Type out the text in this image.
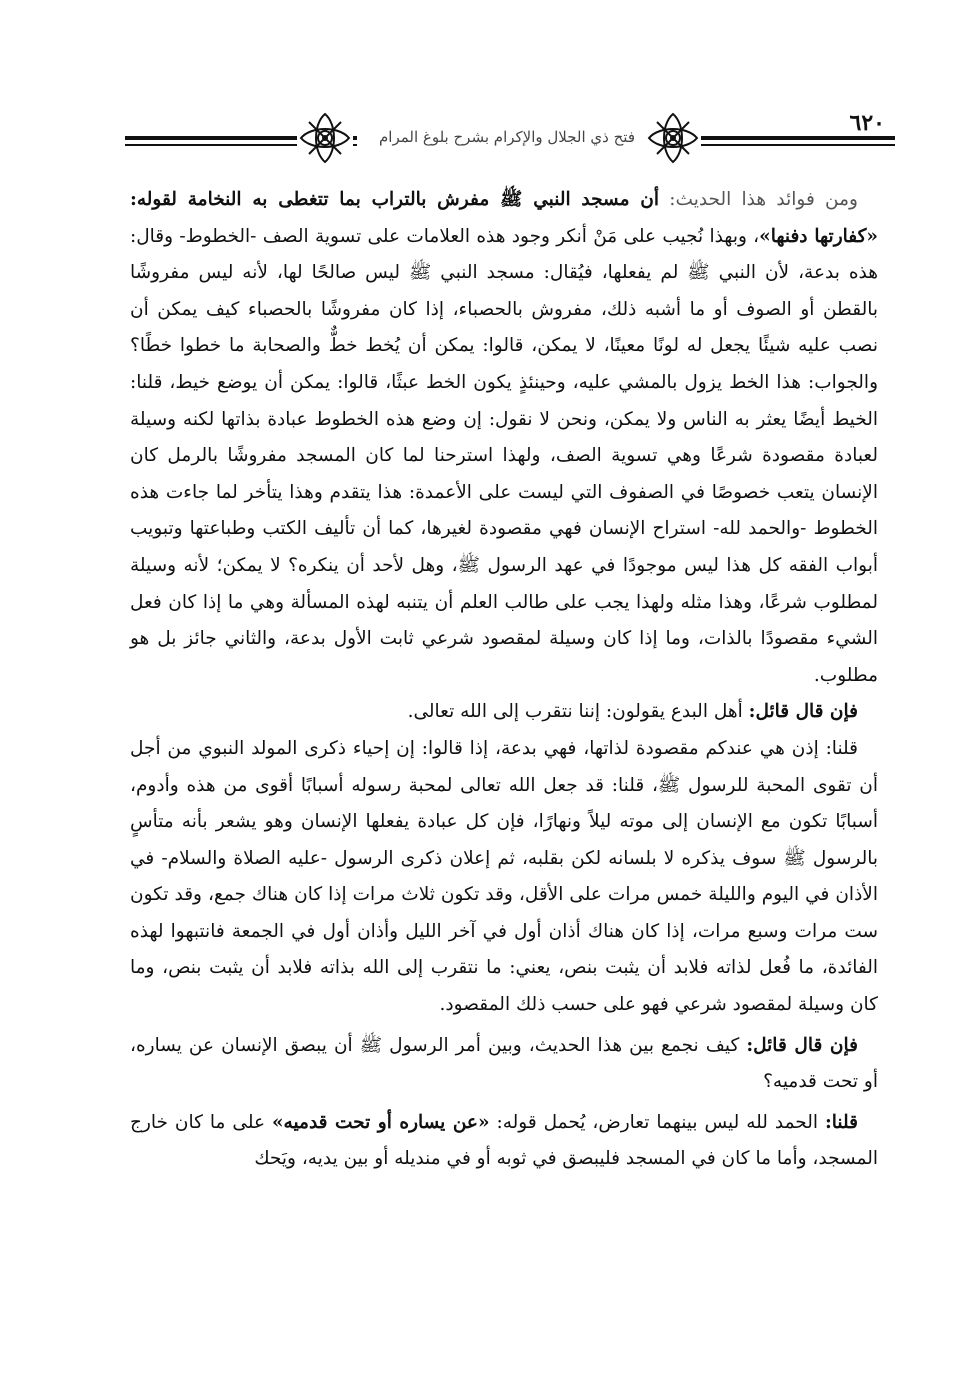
٦٢٠
فتح ذي الجلال والإكرام بشرح بلوغ المرام

ومن فوائد هذا الحديث: أن مسجد النبي ﷺ مفرش بالتراب بما تتغطى به النخامة لقوله: «كفارتها دفنها»، وبهذا نُجيب على مَنْ أنكر وجود هذه العلامات على تسوية الصف -الخطوط- وقال: هذه بدعة، لأن النبي ﷺ لم يفعلها، فيُقال: مسجد النبي ﷺ ليس صالحًا لها، لأنه ليس مفروشًا بالقطن أو الصوف أو ما أشبه ذلك، مفروش بالحصباء، إذا كان مفروشًا بالحصباء كيف يمكن أن نصب عليه شيئًا يجعل له لونًا معينًا، لا يمكن، قالوا: يمكن أن يُخط خطٌّ والصحابة ما خطوا خطًا؟ والجواب: هذا الخط يزول بالمشي عليه، وحينئذٍ يكون الخط عبثًا، قالوا: يمكن أن يوضع خيط، قلنا: الخيط أيضًا يعثر به الناس ولا يمكن، ونحن لا نقول: إن وضع هذه الخطوط عبادة بذاتها لكنه وسيلة لعبادة مقصودة شرعًا وهي تسوية الصف، ولهذا استرحنا لما كان المسجد مفروشًا بالرمل كان الإنسان يتعب خصوصًا في الصفوف التي ليست على الأعمدة: هذا يتقدم وهذا يتأخر لما جاءت هذه الخطوط -والحمد لله- استراح الإنسان فهي مقصودة لغيرها، كما أن تأليف الكتب وطباعتها وتبويب أبواب الفقه كل هذا ليس موجودًا في عهد الرسول ﷺ، وهل لأحد أن ينكره؟ لا يمكن؛ لأنه وسيلة لمطلوب شرعًا، وهذا مثله ولهذا يجب على طالب العلم أن يتنبه لهذه المسألة وهي ما إذا كان فعل الشيء مقصودًا بالذات، وما إذا كان وسيلة لمقصود شرعي ثابت الأول بدعة، والثاني جائز بل هو مطلوب.

فإن قال قائل: أهل البدع يقولون: إننا نتقرب إلى الله تعالى.

قلنا: إذن هي عندكم مقصودة لذاتها، فهي بدعة، إذا قالوا: إن إحياء ذكرى المولد النبوي من أجل أن تقوى المحبة للرسول ﷺ، قلنا: قد جعل الله تعالى لمحبة رسوله أسبابًا أقوى من هذه وأدوم، أسبابًا تكون مع الإنسان إلى موته ليلاً ونهارًا، فإن كل عبادة يفعلها الإنسان وهو يشعر بأنه متأسٍ بالرسول ﷺ سوف يذكره لا بلسانه لكن بقلبه، ثم إعلان ذكرى الرسول -عليه الصلاة والسلام- في الأذان في اليوم والليلة خمس مرات على الأقل، وقد تكون ثلاث مرات إذا كان هناك جمع، وقد تكون ست مرات وسبع مرات، إذا كان هناك أذان أول في آخر الليل وأذان أول في الجمعة فانتبهوا لهذه الفائدة، ما فُعل لذاته فلابد أن يثبت بنص، يعني: ما نتقرب إلى الله بذاته فلابد أن يثبت بنص، وما كان وسيلة لمقصود شرعي فهو على حسب ذلك المقصود.

فإن قال قائل: كيف نجمع بين هذا الحديث، وبين أمر الرسول ﷺ أن يبصق الإنسان عن يساره، أو تحت قدميه؟

قلنا: الحمد لله ليس بينهما تعارض، يُحمل قوله: «عن يساره أو تحت قدميه» على ما كان خارج المسجد، وأما ما كان في المسجد فليبصق في ثوبه أو في منديله أو بين يديه، ويَحك
